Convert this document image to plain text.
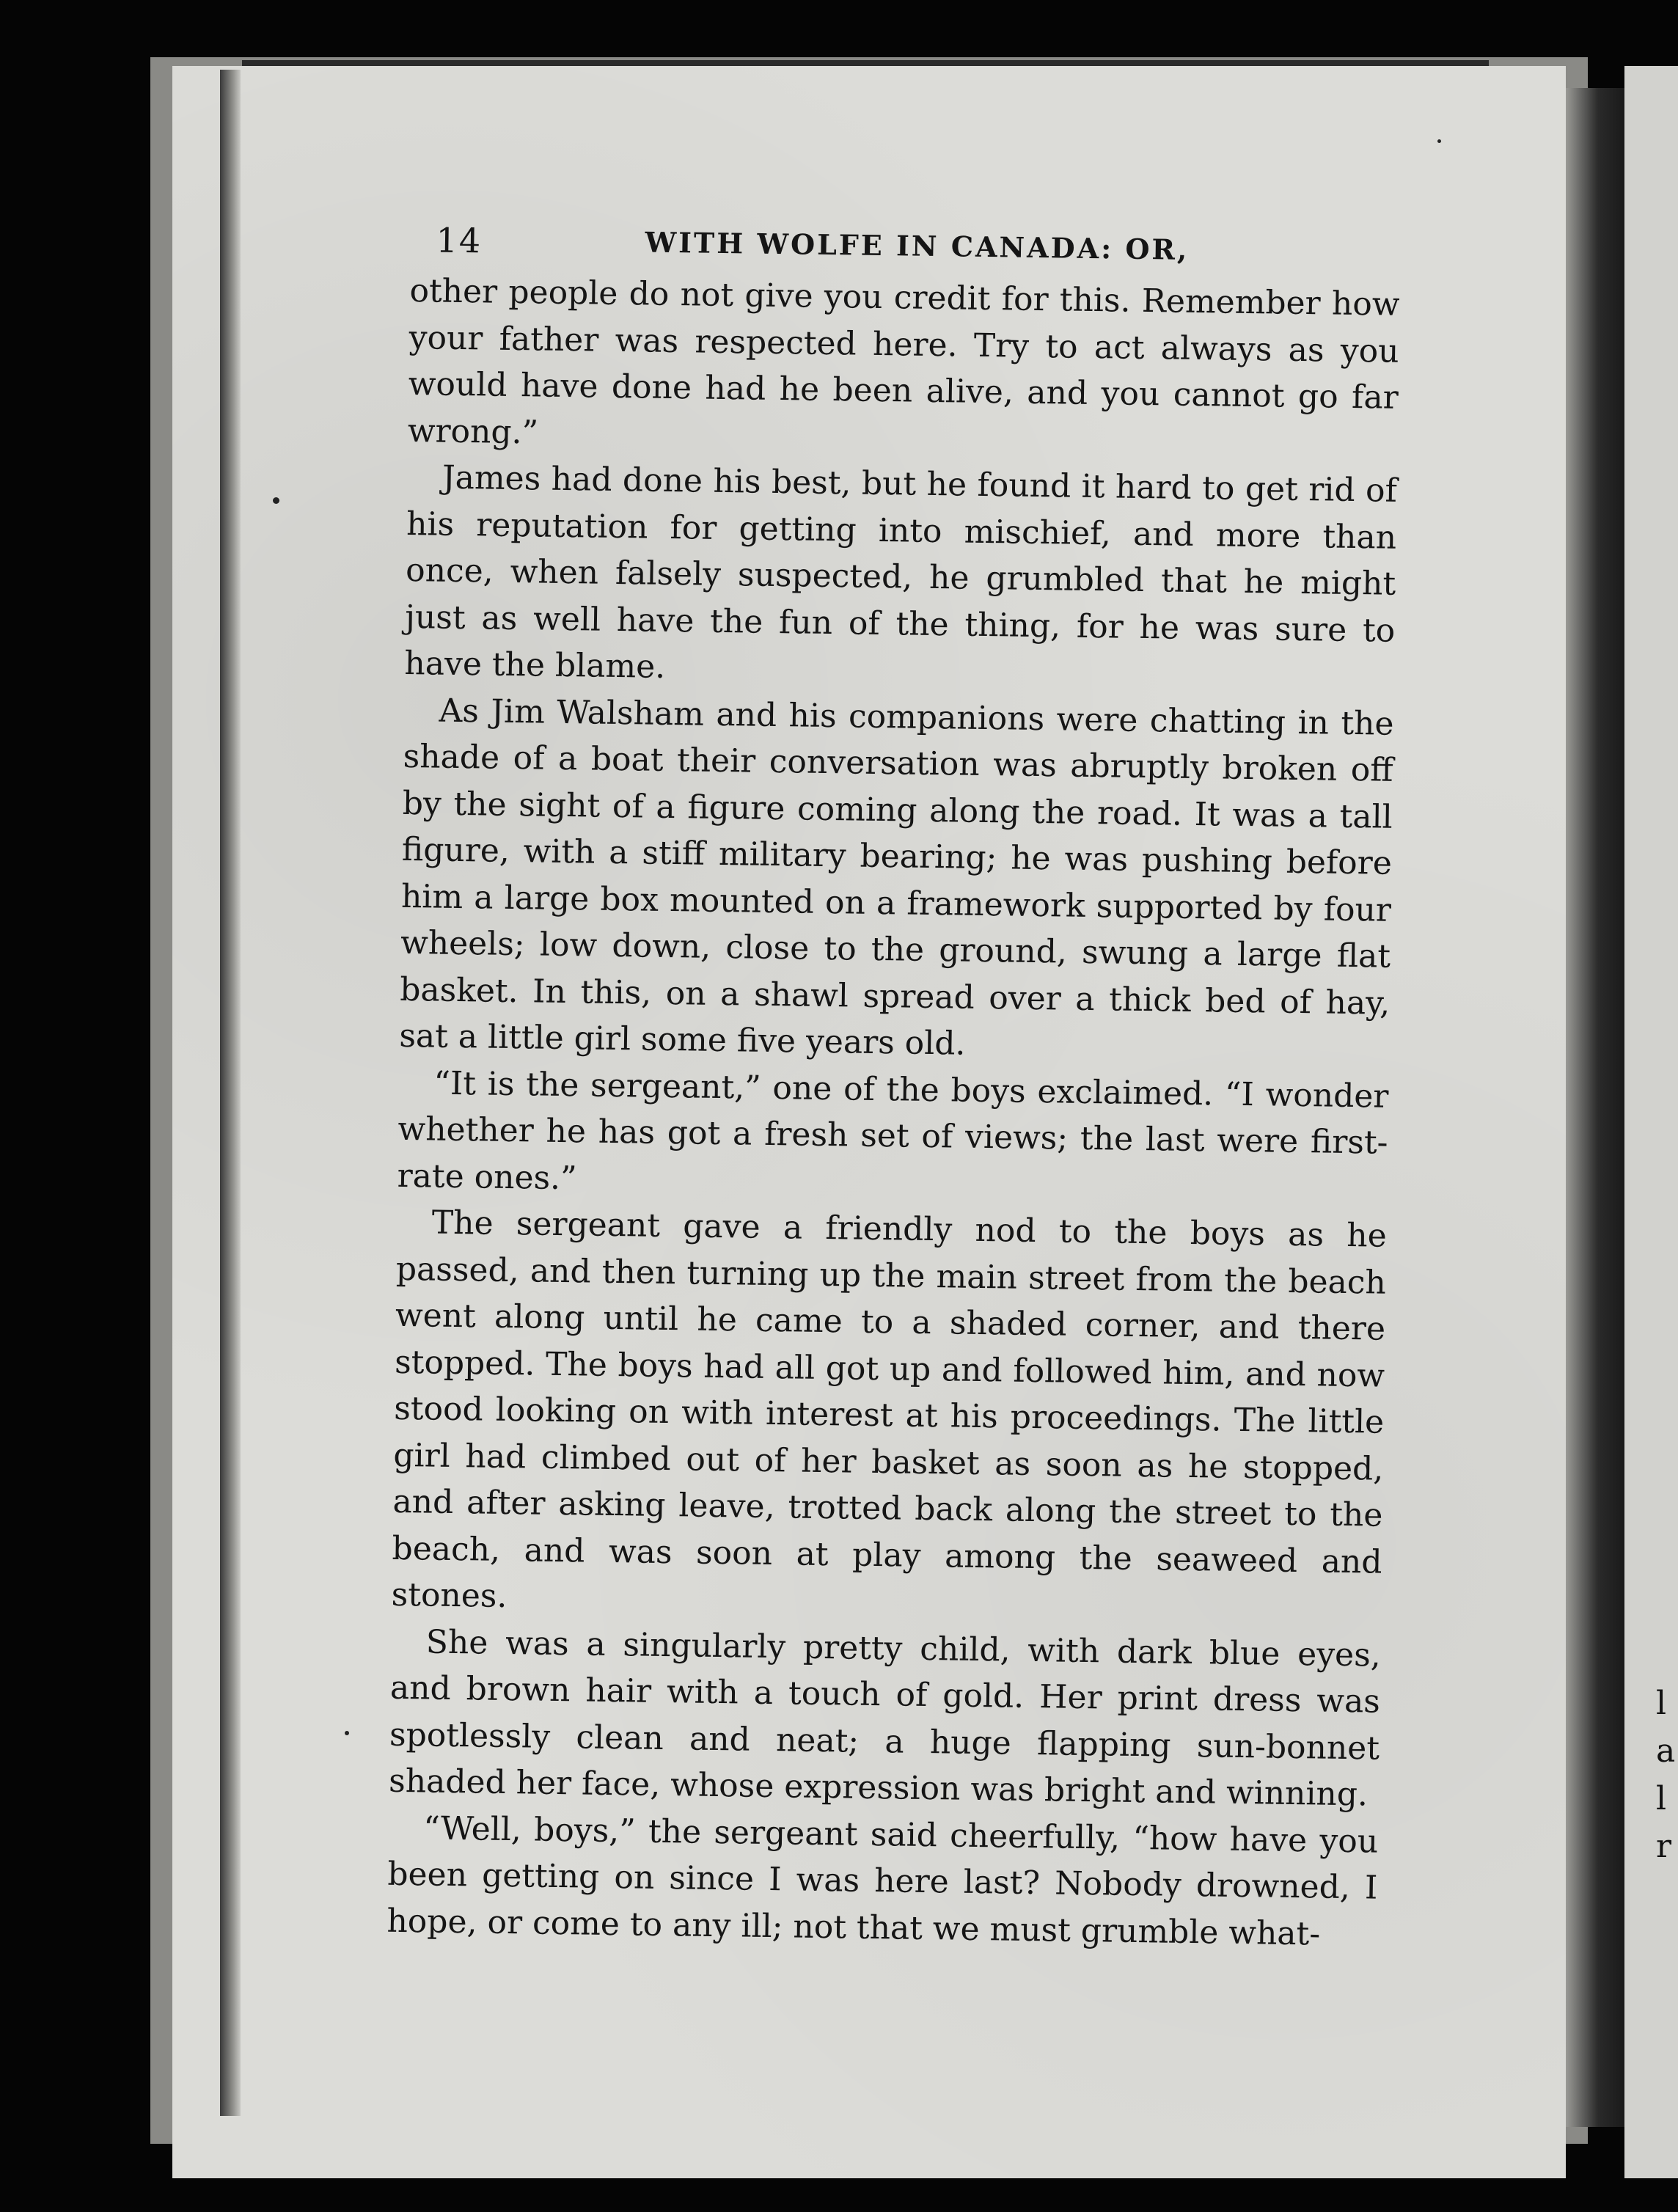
14	WITH WOLFE IN CANADA: OR,

other people do not give you credit for this. Remember how your father was respected here. Try to act always as you would have done had he been alive, and you cannot go far wrong.”

James had done his best, but he found it hard to get rid of his reputation for getting into mischief, and more than once, when falsely suspected, he grumbled that he might just as well have the fun of the thing, for he was sure to have the blame.

As Jim Walsham and his companions were chatting in the shade of a boat their conversation was abruptly broken off by the sight of a figure coming along the road. It was a tall figure, with a stiff military bearing; he was pushing before him a large box mounted on a framework supported by four wheels; low down, close to the ground, swung a large flat basket. In this, on a shawl spread over a thick bed of hay, sat a little girl some five years old.

“It is the sergeant,” one of the boys exclaimed. “I wonder whether he has got a fresh set of views; the last were first-rate ones.”

The sergeant gave a friendly nod to the boys as he passed, and then turning up the main street from the beach went along until he came to a shaded corner, and there stopped. The boys had all got up and followed him, and now stood looking on with interest at his proceedings. The little girl had climbed out of her basket as soon as he stopped, and after asking leave, trotted back along the street to the beach, and was soon at play among the seaweed and stones.

She was a singularly pretty child, with dark blue eyes, and brown hair with a touch of gold. Her print dress was spotlessly clean and neat; a huge flapping sun-bonnet shaded her face, whose expression was bright and winning.

“Well, boys,” the sergeant said cheerfully, “how have you been getting on since I was here last? Nobody drowned, I hope, or come to any ill; not that we must grumble what-

l
a
l
r
